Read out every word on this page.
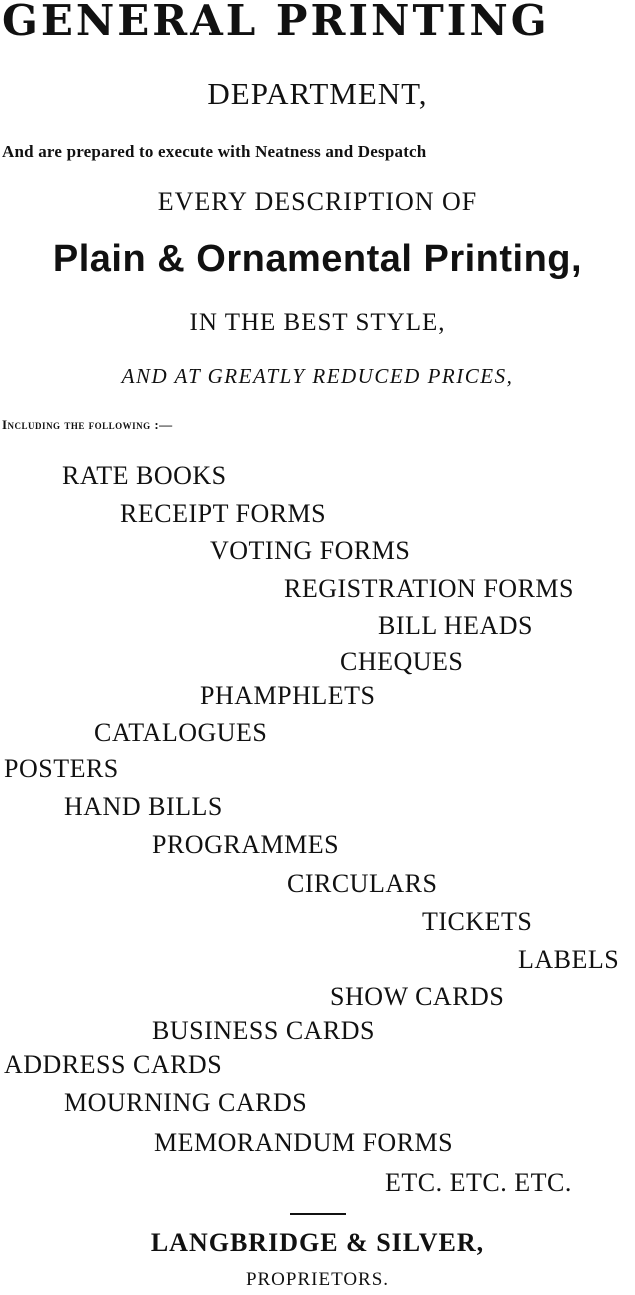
GENERAL PRINTING
DEPARTMENT,
And are prepared to execute with Neatness and Despatch
EVERY DESCRIPTION OF
Plain & Ornamental Printing,
IN THE BEST STYLE,
AND AT GREATLY REDUCED PRICES,
Including the following :—
RATE BOOKS
RECEIPT FORMS
VOTING FORMS
REGISTRATION FORMS
BILL HEADS
CHEQUES
PHAMPHLETS
CATALOGUES
POSTERS
HAND BILLS
PROGRAMMES
CIRCULARS
TICKETS
LABELS
SHOW CARDS
BUSINESS CARDS
ADDRESS CARDS
MOURNING CARDS
MEMORANDUM FORMS
ETC. ETC. ETC.
LANGBRIDGE & SILVER,
PROPRIETORS.
